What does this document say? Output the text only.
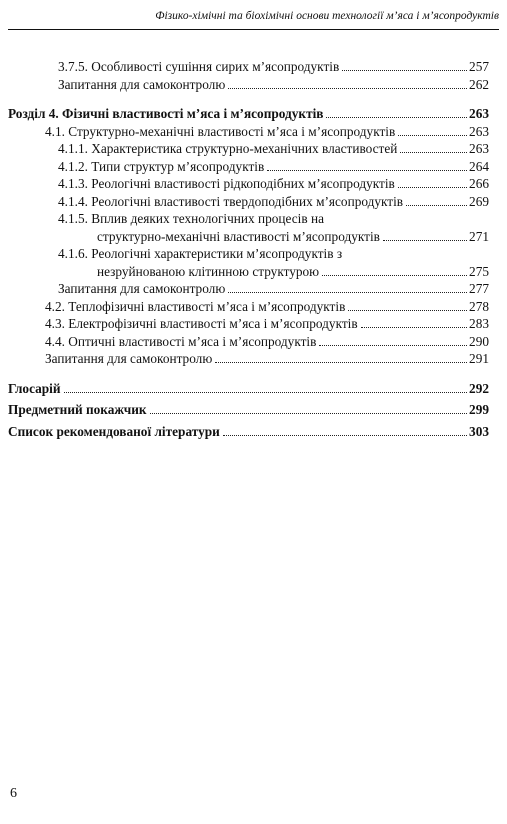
Фізико-хімічні та біохімічні основи технології м’яса і м’ясопродуктів
3.7.5. Особливості сушіння сирих м’ясопродуктів	257
Запитання для самоконтролю	262
Розділ 4. Фізичні властивості м’яса і м’ясопродуктів	263
4.1. Структурно-механічні властивості м’яса і м’ясопродуктів	263
4.1.1. Характеристика структурно-механічних властивостей	263
4.1.2. Типи структур м’ясопродуктів	264
4.1.3. Реологічні властивості рідкоподібних м’ясопродуктів	266
4.1.4. Реологічні властивості твердоподібних м’ясопродуктів	269
4.1.5. Вплив деяких технологічних процесів на
структурно-механічні властивості м’ясопродуктів	271
4.1.6. Реологічні характеристики м’ясопродуктів з
незруйнованою клітинною структурою	275
Запитання для самоконтролю	277
4.2. Теплофізичні властивості м’яса і м’ясопродуктів	278
4.3. Електрофізичні властивості м’яса і м’ясопродуктів	283
4.4. Оптичні властивості м’яса і м’ясопродуктів	290
Запитання для самоконтролю	291
Глосарій	292
Предметний покажчик	299
Список рекомендованої літератури	303
6
